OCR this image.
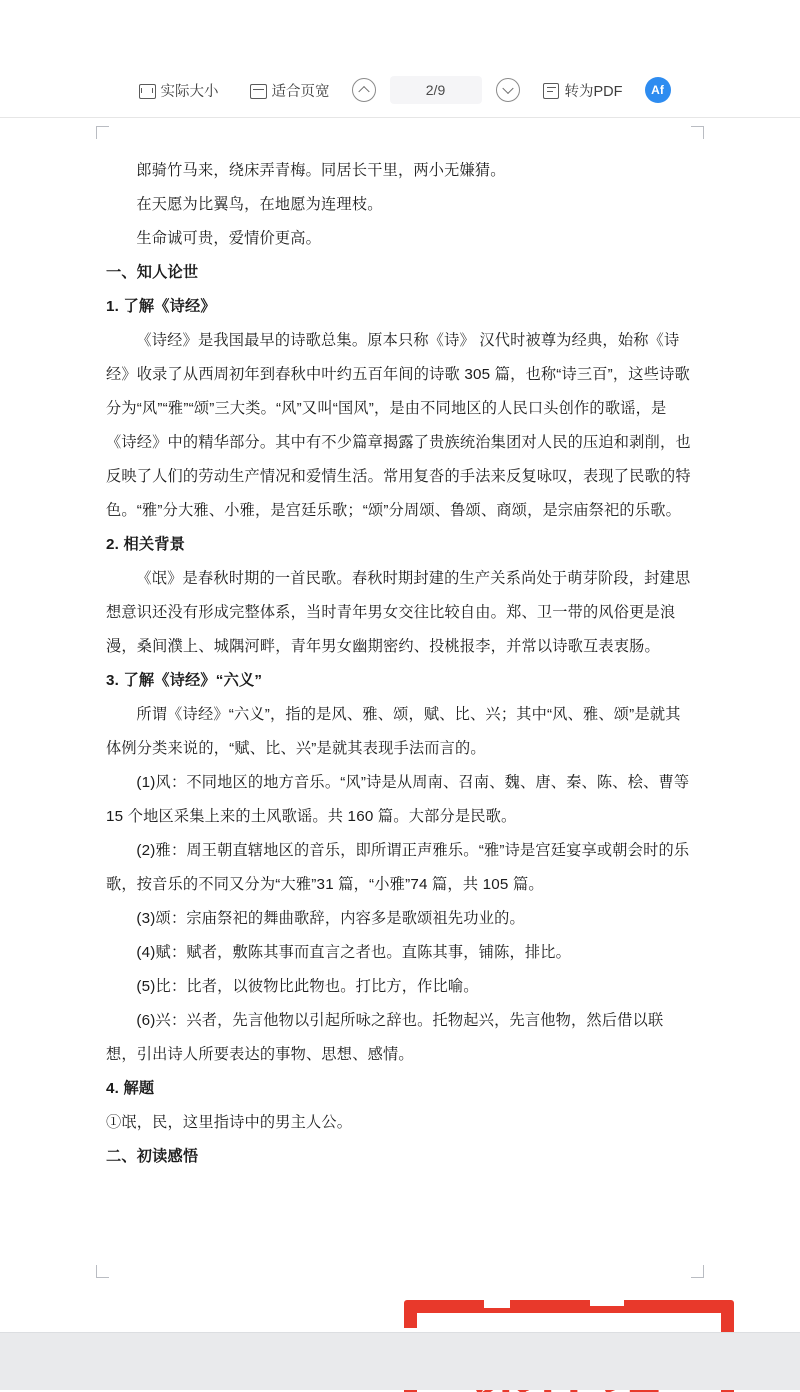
实际大小	适合页宽	2/9	转为PDF	Af

郎骑竹马来，绕床弄青梅。同居长干里，两小无嫌猜。

在天愿为比翼鸟，在地愿为连理枝。

生命诚可贵，爱情价更高。

一、知人论世

1. 了解《诗经》

《诗经》是我国最早的诗歌总集。原本只称《诗》 汉代时被尊为经典，始称《诗经》收录了从西周初年到春秋中叶约五百年间的诗歌 305 篇，也称“诗三百”，这些诗歌分为“风”“雅”“颂”三大类。“风”又叫“国风”，是由不同地区的人民口头创作的歌谣，是《诗经》中的精华部分。其中有不少篇章揭露了贵族统治集团对人民的压迫和剥削，也反映了人们的劳动生产情况和爱情生活。常用复沓的手法来反复咏叹，表现了民歌的特色。“雅”分大雅、小雅，是宫廷乐歌；“颂”分周颂、鲁颂、商颂，是宗庙祭祀的乐歌。

2. 相关背景

《氓》是春秋时期的一首民歌。春秋时期封建的生产关系尚处于萌芽阶段，封建思想意识还没有形成完整体系，当时青年男女交往比较自由。郑、卫一带的风俗更是浪漫，桑间濮上、城隅河畔，青年男女幽期密约、投桃报李，并常以诗歌互表衷肠。

3. 了解《诗经》“六义”

所谓《诗经》“六义”，指的是风、雅、颂，赋、比、兴；其中“风、雅、颂”是就其体例分类来说的，“赋、比、兴”是就其表现手法而言的。

(1)风：不同地区的地方音乐。“风”诗是从周南、召南、魏、唐、秦、陈、桧、曹等15 个地区采集上来的土风歌谣。共 160 篇。大部分是民歌。

(2)雅：周王朝直辖地区的音乐，即所谓正声雅乐。“雅”诗是宫廷宴享或朝会时的乐歌，按音乐的不同又分为“大雅”31 篇，“小雅”74 篇，共 105 篇。

(3)颂：宗庙祭祀的舞曲歌辞，内容多是歌颂祖先功业的。

(4)赋：赋者，敷陈其事而直言之者也。直陈其事，铺陈，排比。

(5)比：比者，以彼物比此物也。打比方，作比喻。

(6)兴：兴者，先言他物以引起所咏之辞也。托物起兴，先言他物，然后借以联想，引出诗人所要表达的事物、思想、感情。

4. 解题

①氓，民，这里指诗中的男主人公。

二、初读感悟
